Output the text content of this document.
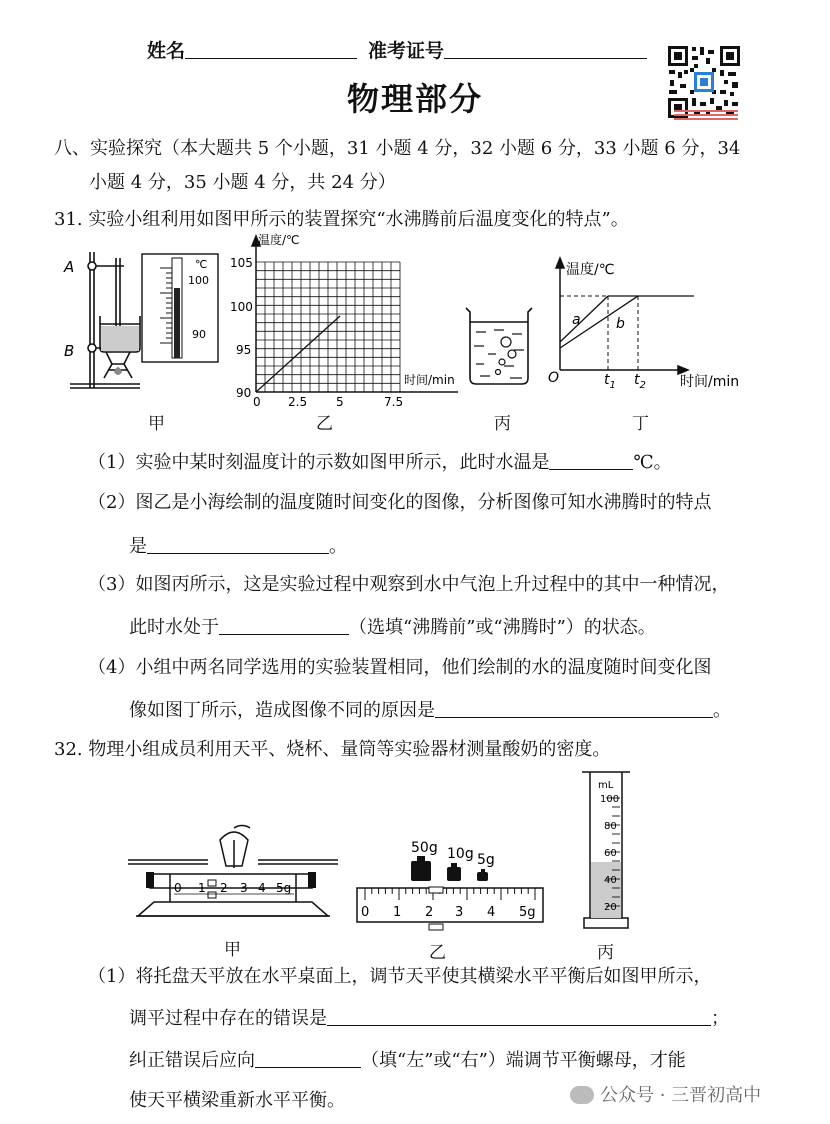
姓名	准考证号
物理部分
八、实验探究（本大题共 5 个小题，31 小题 4 分，32 小题 6 分，33 小题 6 分，34
小题 4 分，35 小题 4 分，共 24 分）
31. 实验小组利用如图甲所示的装置探究“水沸腾前后温度变化的特点”。
A
B
℃
100
90
甲
温度/℃
时间/min
105
100
95
90
0 2.5 5	7.5
乙	丙
温度/℃
时间/min
O
a	b
$t_1$ $t_2$
丁
（1）实验中某时刻温度计的示数如图甲所示，此时水温是	℃。
（2）图乙是小海绘制的温度随时间变化的图像，分析图像可知水沸腾时的特点
是	。
（3）如图丙所示，这是实验过程中观察到水中气泡上升过程中的其中一种情况，
此时水处于	（选填“沸腾前”或“沸腾时”）的状态。
（4）小组中两名同学选用的实验装置相同，他们绘制的水的温度随时间变化图
像如图丁所示，造成图像不同的原因是	。
32. 物理小组成员利用天平、烧杯、量筒等实验器材测量酸奶的密度。
0 1 2 3 4 5g
甲
50g 10g 5g
0 1 2 3 4 5g
乙
mL
100
80
60
40
20
丙
（1）将托盘天平放在水平桌面上，调节天平使其横梁水平平衡后如图甲所示，
调平过程中存在的错误是	；
纠正错误后应向	（填“左”或“右”）端调节平衡螺母，才能
使天平横梁重新水平平衡。	公众号 · 三晋初高中
